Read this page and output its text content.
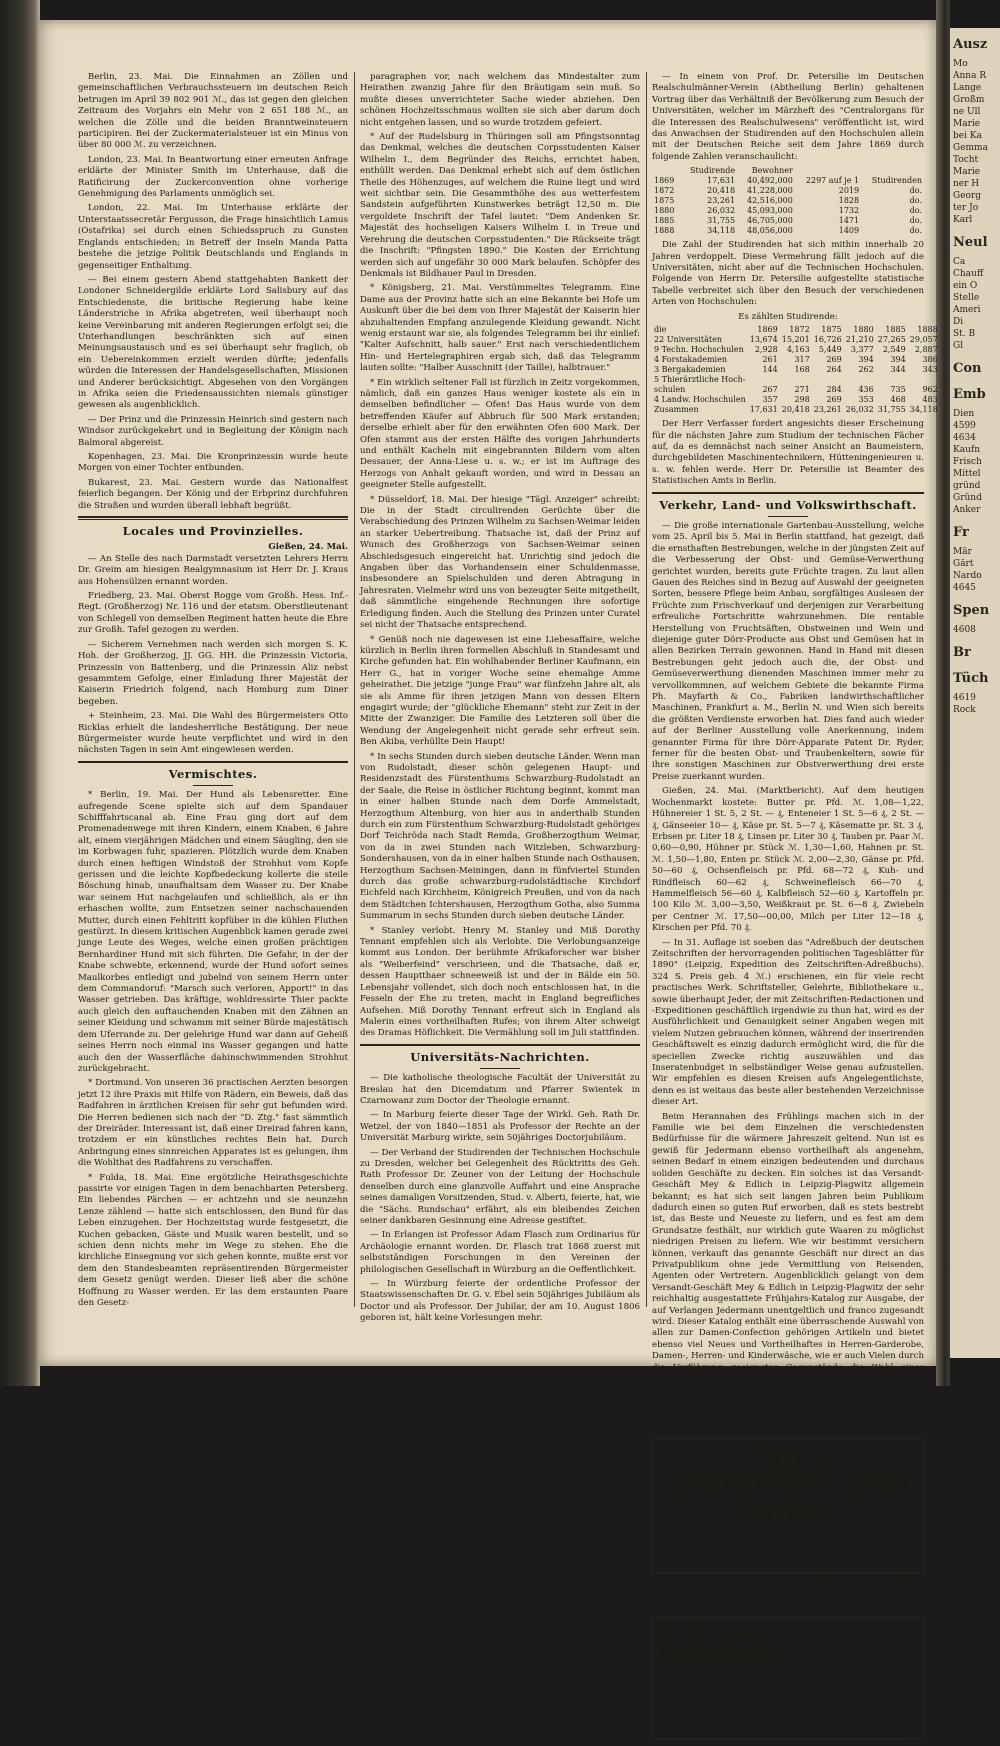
Ausz
Mo
Anna R
Lange
Großm
ne Ull
Marie
bei Ka
Gemma
Tocht
Marie
ner H
Georg
ter Jo
Karl
Neul
Ca
Chauff
ein O
Stelle
Ameri
Di
St. B
Gl
Con
Emb
Dien
4599
4634
Kaufn
Frisch
Mittel
gründ
Gründ
Anker
Fr
Mär
Gärt
Nardo
4645
Spen
4608
Br
Tüch
4619
Rock

Berlin, 23. Mai. Die Einnahmen an Zöllen und gemeinschaftlichen Verbrauchssteuern im deutschen Reich betrugen im April 39 802 901 ℳ., das ist gegen den gleichen Zeitraum des Vorjahrs ein Mehr von 2 651 188 ℳ., an welchen die Zölle und die beiden Branntweinsteuern participiren. Bei der Zuckermaterialsteuer ist ein Minus von über 80 000 ℳ. zu verzeichnen.

London, 23. Mai. In Beantwortung einer erneuten Anfrage erklärte der Minister Smith im Unterhause, daß die Ratificirung der Zuckerconvention ohne vorherige Genehmigung des Parlaments unmöglich sei.

London, 22. Mai. Im Unterhause erklärte der Unterstaatssecretär Fergusson, die Frage hinsichtlich Lamus (Ostafrika) sei durch einen Schiedsspruch zu Gunsten Englands entschieden; in Betreff der Inseln Manda Patta bestehe die jetzige Politik Deutschlands und Englands in gegenseitiger Enthaltung.

— Bei einem gestern Abend stattgehabten Bankett der Londoner Schneidergilde erklärte Lord Salisbury auf das Entschiedenste, die britische Regierung habe keine Länderstriche in Afrika abgetreten, weil überhaupt noch keine Vereinbarung mit anderen Regierungen erfolgt sei; die Unterhandlungen beschränkten sich auf einen Meinungsaustausch und es sei überhaupt sehr fraglich, ob ein Uebereinkommen erzielt werden dürfte; jedenfalls würden die Interessen der Handelsgesellschaften, Missionen und Anderer berücksichtigt. Abgesehen von den Vorgängen in Afrika seien die Friedensaussichten niemals günstiger gewesen als augenblicklich.

— Der Prinz und die Prinzessin Heinrich sind gestern nach Windsor zurückgekehrt und in Begleitung der Königin nach Balmoral abgereist.

Kopenhagen, 23. Mai. Die Kronprinzessin wurde heute Morgen von einer Tochter entbunden.

Bukarest, 23. Mai. Gestern wurde das Nationalfest feierlich begangen. Der König und der Erbprinz durchfuhren die Straßen und wurden überall lebhaft begrüßt.

Locales und Provinzielles.
Gießen, 24. Mai.

— An Stelle des nach Darmstadt versetzten Lehrers Herrn Dr. Greim am hiesigen Realgymnasium ist Herr Dr. J. Kraus aus Hohensülzen ernannt worden.

Friedberg, 23. Mai. Oberst Rogge vom Großh. Hess. Inf.-Regt. (Großherzog) Nr. 116 und der etatsm. Oberstlieutenant von Schlegell von demselben Regiment hatten heute die Ehre zur Großh. Tafel gezogen zu werden.

— Sicherem Vernehmen nach werden sich morgen S. K. Hoh. der Großherzog, JJ. GG. HH. die Prinzessin Victoria, Prinzessin von Battenberg, und die Prinzessin Aliz nebst gesammtem Gefolge, einer Einladung Ihrer Majestät der Kaiserin Friedrich folgend, nach Homburg zum Diner begeben.

+ Steinheim, 23. Mai. Die Wahl des Bürgermeisters Otto Ricklas erhielt die landesherrliche Bestätigung. Der neue Bürgermeister wurde heute verpflichtet und wird in den nächsten Tagen in sein Amt eingewiesen werden.

Vermischtes.

* Berlin, 19. Mai. Der Hund als Lebensretter. Eine aufregende Scene spielte sich auf dem Spandauer Schifffahrtscanal ab. Eine Frau ging dort auf dem Promenadenwege mit ihren Kindern, einem Knaben, 6 Jahre alt, einem vierjährigen Mädchen und einem Säugling, den sie im Korbwagen fuhr, spazieren. Plötzlich wurde dem Knaben durch einen heftigen Windstoß der Strohhut vom Kopfe gerissen und die leichte Kopfbedeckung kollerte die steile Böschung hinab, unaufhaltsam dem Wasser zu. Der Knabe war seinem Hut nachgelaufen und schließlich, als er ihn erhaschen wollte, zum Entsetzen seiner nachschauenden Mutter, durch einen Fehltritt kopfüber in die kühlen Fluthen gestürzt. In diesem kritischen Augenblick kamen gerade zwei junge Leute des Weges, welche einen großen prächtigen Bernhardiner Hund mit sich führten. Die Gefahr, in der der Knabe schwebte, erkennend, wurde der Hund sofort seines Maulkorbes entledigt und jubelnd von seinem Herrn unter dem Commandoruf: "Marsch such verloren, Apport!" in das Wasser getrieben. Das kräftige, wohldressirte Thier packte auch gleich den auftauchenden Knaben mit den Zähnen an seiner Kleidung und schwamm mit seiner Bürde majestätisch dem Uferrande zu. Der gelehrige Hund war dann auf Geheiß seines Herrn noch einmal ins Wasser gegangen und hatte auch den der Wasserfläche dahinschwimmenden Strohhut zurückgebracht.

* Dortmund. Von unseren 36 practischen Aerzten besorgen jetzt 12 ihre Praxis mit Hilfe von Rädern, ein Beweis, daß das Radfahren in ärztlichen Kreisen für sehr gut befunden wird. Die Herren bedienen sich nach der "D. Ztg." fast sämmtlich der Dreiräder. Interessant ist, daß einer Dreirad fahren kann, trotzdem er ein künstliches rechtes Bein hat. Durch Anbringung eines sinnreichen Apparates ist es gelungen, ihm die Wohlthat des Radfahrens zu verschaffen.

* Fulda, 18. Mai. Eine ergötzliche Heirathsgeschichte passirte vor einigen Tagen in dem benachbarten Petersberg. Ein liebendes Pärchen — er achtzehn und sie neunzehn Lenze zählend — hatte sich entschlossen, den Bund für das Leben einzugehen. Der Hochzeitstag wurde festgesetzt, die Kuchen gebacken, Gäste und Musik waren bestellt, und so schien denn nichts mehr im Wege zu stehen. Ehe die kirchliche Einsegnung vor sich gehen konnte, mußte erst vor dem den Standesbeamten repräsentirenden Bürgermeister dem Gesetz genügt werden. Dieser ließ aber die schöne Hoffnung zu Wasser werden. Er las dem erstaunten Paare den Gesetz-

paragraphen vor, nach welchem das Mindestalter zum Heirathen zwanzig Jahre für den Bräutigam sein muß. So mußte dieses unverrichteter Sache wieder abziehen. Den schönen Hochzeitsschmaus wollten sie sich aber darum doch nicht entgehen lassen, und so wurde trotzdem gefeiert.

* Auf der Rudelsburg in Thüringen soll am Pfingstsonntag das Denkmal, welches die deutschen Corpsstudenten Kaiser Wilhelm I., dem Begründer des Reichs, errichtet haben, enthüllt werden. Das Denkmal erhebt sich auf dem östlichen Theile des Höhenzuges, auf welchem die Ruine liegt und wird weit sichtbar sein. Die Gesammthöhe des aus wetterfestem Sandstein aufgeführten Kunstwerkes beträgt 12,50 m. Die vergoldete Inschrift der Tafel lautet: "Dem Andenken Sr. Majestät des hochseligen Kaisers Wilhelm I. in Treue und Verehrung die deutschen Corpsstudenten." Die Rückseite trägt die Inschrift: "Pfingsten 1890." Die Kosten der Errichtung werden sich auf ungefähr 30 000 Mark belaufen. Schöpfer des Denkmals ist Bildhauer Paul in Dresden.

* Königsberg, 21. Mai. Verstümmeltes Telegramm. Eine Dame aus der Provinz hatte sich an eine Bekannte bei Hofe um Auskunft über die bei dem von Ihrer Majestät der Kaiserin hier abzuhaltenden Empfang anzulegende Kleidung gewandt. Nicht wenig erstaunt war sie, als folgendes Telegramm bei ihr einlief: "Kalter Aufschnitt, halb sauer." Erst nach verschiedentlichem Hin- und Hertelegraphiren ergab sich, daß das Telegramm lauten sollte: "Halber Ausschnitt (der Taille), halbtrauer."

* Ein wirklich seltener Fall ist fürzlich in Zeitz vorgekommen, nämlich, daß ein ganzes Haus weniger kostete als ein in demselben befindlicher — Ofen! Das Haus wurde von dem betreffenden Käufer auf Abbruch für 500 Mark erstanden; derselbe erhielt aber für den erwähnten Ofen 600 Mark. Der Ofen stammt aus der ersten Hälfte des vorigen Jahrhunderts und enthält Kacheln mit eingebrannten Bildern vom alten Dessauer, der Anna-Liese u. s. w.; er ist im Auftrage des Herzogs von Anhalt gekauft worden, und wird in Dessau an geeigneter Stelle aufgestellt.

* Düsseldorf, 18. Mai. Der hiesige "Tägl. Anzeiger" schreibt: Die in der Stadt circulirenden Gerüchte über die Verabschiedung des Prinzen Wilhelm zu Sachsen-Weimar leiden an starker Uebertreibung. Thatsache ist, daß der Prinz auf Wunsch des Großherzogs von Sachsen-Weimar seinen Abschiedsgesuch eingereicht hat. Unrichtig sind jedoch die Angaben über das Vorhandensein einer Schuldenmasse, insbesondere an Spielschulden und deren Abtragung in Jahresraten. Vielmehr wird uns von bezeugter Seite mitgetheilt, daß sämmtliche eingehende Rechnungen ihre sofortige Erledigung finden. Auch die Stellung des Prinzen unter Curatel sei nicht der Thatsache entsprechend.

* Genüß noch nie dagewesen ist eine Liebesaffaire, welche kürzlich in Berlin ihren formellen Abschluß in Standesamt und Kirche gefunden hat. Ein wohlhabender Berliner Kaufmann, ein Herr G., hat in voriger Woche seine ehemalige Amme geheirathet. Die jetzige "junge Frau" war fünfzehn Jahre alt, als sie als Amme für ihren jetzigen Mann von dessen Eltern engagirt wurde; der "glückliche Ehemann" steht zur Zeit in der Mitte der Zwanziger. Die Familie des Letzteren soll über die Wendung der Angelegenheit nicht gerade sehr erfreut sein. Ben Akiba, verhüllte Dein Haupt!

* In sechs Stunden durch sieben deutsche Länder. Wenn man von Rudolstadt, dieser schön gelegenen Haupt- und Residenzstadt des Fürstenthums Schwarzburg-Rudolstadt an der Saale, die Reise in östlicher Richtung beginnt, kommt man in einer halben Stunde nach dem Dorfe Ammelstadt, Herzogthum Altenburg, von hier aus in anderthalb Stunden durch ein zum Fürstenthum Schwarzburg-Rudolstadt gehöriges Dorf Teichröda nach Stadt Remda, Großherzogthum Weimar, von da in zwei Stunden nach Witzleben, Schwarzburg-Sondershausen, von da in einer halben Stunde nach Osthausen, Herzogthum Sachsen-Meiningen, dann in fünfviertel Stunden durch das große schwarzburg-rudolstädtische Kirchdorf Eichfeld nach Kirchheim, Königreich Preußen, und von da nach dem Städtchen Ichtershausen, Herzogthum Gotha, also Summa Summarum in sechs Stunden durch sieben deutsche Länder.

* Stanley verlobt. Henry M. Stanley und Miß Dorothy Tennant empfehlen sich als Verlobte. Die Verlobungsanzeige kommt aus London. Der berühmte Afrikaforscher war bisher als "Weiberfeind" verschrieen, und die Thatsache, daß er, dessen Hauptthaer schneeweiß ist und der in Bälde ein 50. Lebensjahr vollendet, sich doch noch entschlossen hat, in die Fesseln der Ehe zu treten, macht in England begreifliches Aufsehen. Miß Dorothy Tennant erfreut sich in England als Malerin eines vortheilhaften Rufes; von ihrem Alter schweigt des Dramas Höflichkeit. Die Vermählung soll im Juli stattfinden.

Universitäts-Nachrichten.

— Die katholische theologische Facultät der Universität zu Breslau hat den Dicemdatum und Pfarrer Swientek in Czarnowanz zum Doctor der Theologie ernannt.

— In Marburg feierte dieser Tage der Wirkl. Geh. Rath Dr. Wetzel, der von 1840—1851 als Professor der Rechte an der Universität Marburg wirkte, sein 50jähriges Doctorjubiläum.

— Der Verband der Studirenden der Technischen Hochschule zu Dresden, welcher bei Gelegenheit des Rücktritts des Geh. Rath Professor Dr. Zeuner von der Leitung der Hochschule denselben durch eine glanzvolle Auffahrt und eine Ansprache seines damaligen Vorsitzenden, Stud. v. Alberti, feierte, hat, wie die "Sächs. Rundschau" erfährt, als ein bleibendes Zeichen seiner dankbaren Gesinnung eine Adresse gestiftet.

— In Erlangen ist Professor Adam Flasch zum Ordinarius für Archäologie ernannt worden. Dr. Flasch trat 1868 zuerst mit selbstständigen Forschungen in den Vereinen der philologischen Gesellschaft in Würzburg an die Oeffentlichkeit.

— In Würzburg feierte der ordentliche Professor der Staatswissenschaften Dr. G. v. Ebel sein 50jähriges Jubiläum als Doctor und als Professor. Der Jubilar, der am 10. August 1806 geboren ist, hält keine Vorlesungen mehr.

— In einem von Prof. Dr. Petersilie im Deutschen Realschulmänner-Verein (Abtheilung Berlin) gehaltenen Vortrag über das Verhältniß der Bevölkerung zum Besuch der Universitäten, welcher im Märzheft des "Centralorgans für die Interessen des Realschulwesens" veröffentlicht ist, wird das Anwachsen der Studirenden auf den Hochschulen allein mit der Deutschen Reiche seit dem Jahre 1869 durch folgende Zahlen veranschaulicht:

	Studirende	Bewohner		
1869	17,631	40,492,000	2297 auf je 1	Studirenden
1872	20,418	41,228,000	2019	do.
1875	23,261	42,516,000	1828	do.
1880	26,032	45,093,000	1732	do.
1885	31,755	46,705,000	1471	do.
1888	34,118	48,056,000	1409	do.

Die Zahl der Studirenden hat sich mithin innerhalb 20 Jahren verdoppelt. Diese Vermehrung fällt jedoch auf die Universitäten, nicht aber auf die Technischen Hochschulen. Folgende von Herrn Dr. Petersilie aufgestellte statistische Tabelle verbreitet sich über den Besuch der verschiedenen Arten von Hochschulen:

Es zählten Studirende:
die	1869	1872	1875	1880	1885	1888
22 Universitäten	13,674	15,201	16,726	21,210	27,265	29,057
9 Techn. Hochschulen	2,928	4,163	5,449	3,377	2,549	2,887
4 Forstakademien	261	317	269	394	394	386
3 Bergakademien	144	168	264	262	344	343
5 Thierärztliche Hoch-						
schulen	267	271	284	436	735	962
4 Landw. Hochschulen	357	298	269	353	468	483
Zusammen	17,631	20,418	23,261	26,032	31,755	34,118

Der Herr Verfasser fordert angesichts dieser Erscheinung für die nächsten Jahre zum Studium der technischen Fächer auf, da es demnächst nach seiner Ansicht an Baumeistern, durchgebildeten Maschinentechnikern, Hütteningenieuren u. s. w. fehlen werde. Herr Dr. Petersilie ist Beamter des Statistischen Amts in Berlin.

Verkehr, Land- und Volkswirthschaft.

— Die große internationale Gartenbau-Ausstellung, welche vom 25. April bis 5. Mai in Berlin stattfand, hat gezeigt, daß die ernsthaften Bestrebungen, welche in der jüngsten Zeit auf die Verbesserung der Obst- und Gemüse-Verwerthung gerichtet wurden, bereits gute Früchte tragen. Zu laut allen Gauen des Reiches sind in Bezug auf Auswahl der geeigneten Sorten, bessere Pflege beim Anbau, sorgfältiges Auslesen der Früchte zum Frischverkauf und derjenigen zur Verarbeitung erfreuliche Fortschritte wahrzunehmen. Die rentable Herstellung von Fruchtsäften, Obstweinen und Wein und diejenige guter Dörr-Producte aus Obst und Gemüsen hat in allen Bezirken Terrain gewonnen. Hand in Hand mit diesen Bestrebungen geht jedoch auch die, der Obst- und Gemüseverwerthung dienenden Maschinen immer mehr zu vervollkommnen, auf welchem Gebiete die bekannte Firma Ph. Mayfarth & Co., Fabriken landwirthschaftlicher Maschinen, Frankfurt a. M., Berlin N. und Wien sich bereits die größten Verdienste erworben hat. Dies fand auch wieder auf der Berliner Ausstellung volle Anerkennung, indem genannter Firma für ihre Dörr-Apparate Patent Dr. Ryder, ferner für die besten Obst- und Traubenkeltern, sowie für ihre sonstigen Maschinen zur Obstverwerthung drei erste Preise zuerkannt wurden.

Gießen, 24. Mai. (Marktbericht). Auf dem heutigen Wochenmarkt kostete: Butter pr. Pfd. ℳ. 1,08—1,22, Hühnereier 1 St. 5, 2 St. — ₰, Enteneier 1 St. 5—6 ₰, 2 St. — ₰, Gänseeier 10— ₰, Käse pr. St. 5—7 ₰, Käsematte pr. St. 3 ₰, Erbsen pr. Liter 18 ₰, Linsen pr. Liter 30 ₰, Tauben pr. Paar ℳ. 0,60—0,90, Hühner pr. Stück ℳ. 1,30—1,60, Hahnen pr. St. ℳ. 1,50—1,80, Enten pr. Stück ℳ. 2,00—2,30, Gänse pr. Pfd. 50—60 ₰, Ochsenfleisch pr. Pfd. 68—72 ₰, Kuh- und Rindfleisch 60—62 ₰, Schweinefleisch 66—70 ₰, Hammelfleisch 56—60 ₰, Kalbfleisch 52—60 ₰, Kartoffeln pr. 100 Kilo ℳ. 3,00—3,50, Weißkraut pr. St. 6—8 ₰, Zwiebeln per Centner ℳ. 17,50—00,00, Milch per Liter 12—18 ₰, Kirschen per Pfd. 70 ₰.

— In 31. Auflage ist soeben das "Adreßbuch der deutschen Zeitschriften der hervorragenden politischen Tagesblätter für 1890" (Leipzig, Expedition des Zeitschriften-Adreßbuchs). 324 S. Preis geb. 4 ℳ.) erschienen, ein für viele recht practisches Werk. Schriftsteller, Gelehrte, Bibliothekare u., sowie überhaupt Jeder, der mit Zeitschriften-Redactionen und -Expeditionen geschäftlich irgendwie zu thun hat, wird es der Ausführlichkeit und Genauigkeit seiner Angaben wegen mit vielem Nutzen gebrauchen können, während der inserirenden Geschäftswelt es einzig dadurch ermöglicht wird, die für die speciellen Zwecke richtig auszuwählen und das Inseratenbudget in selbständiger Weise genau aufzustellen. Wir empfehlen es diesen Kreisen aufs Angelegentlichste, denn es ist weitaus das beste aller bestehenden Verzeichnisse dieser Art.

Beim Herannahen des Frühlings machen sich in der Familie wie bei dem Einzelnen die verschiedensten Bedürfnisse für die wärmere Jahreszeit geltend. Nun ist es gewiß für Jedermann ebenso vortheilhaft als angenehm, seinen Bedarf in einem einzigen bedeutenden und durchaus soliden Geschäfte zu decken. Ein solches ist das Versandt-Geschäft Mey & Edlich in Leipzig-Plagwitz allgemein bekannt; es hat sich seit langen Jahren beim Publikum dadurch einen so guten Ruf erworben, daß es stets bestrebt ist, das Beste und Neueste zu liefern, und es fest am dem Grundsatze festhält, nur wirklich gute Waaren zu möglichst niedrigen Preisen zu liefern. Wie wir bestimmt versichern können, verkauft das genannte Geschäft nur direct an das Privatpublikum ohne jede Vermittlung von Reisenden, Agenten oder Vertretern. Augenblicklich gelangt von dem Versandt-Geschäft Mey & Edlich in Leipzig-Plagwitz der sehr reichhaltig ausgestattete Frühjahrs-Katalog zur Ausgabe, der auf Verlangen Jedermann unentgeltlich und franco zugesandt wird. Dieser Katalog enthält eine überraschende Auswahl von allen zur Damen-Confection gehörigen Artikeln und bietet ebenso viel Neues und Vortheilhaftes in Herren-Garderobe, Damen-, Herren- und Kinderwäsche, wie er auch Vielen durch die Vorführung geeigneter Gegenstände die Wahl eines passenden Festgeschenkes erleichtern dürfte. Wir können daher Allen, welche an den Einkauf von den anderen Artikel Bedarf haben, nur empfehlen, sich diesen Frühjahrs-Katalog kommen zu lassen.

1525
Zuntz gebrannter Java Kaffee.
empfiehlt sich durch Reinheit, Aroma und Ergiebigkeit als die beste und preiswertheste Marke.
A. Zuntz sel. Ww.
Kais. u. Königl. Hoff. Bonn. Berlin.
Zu haben bei J. M. Schulhof.	853
Jeder Versuch bringt dauernde Abnehmer des Holländ. Tabaks, 10 Pfd. fco. 8 Mk. nur bei B. Becker in Seesen a. Harz.	[154
Rademanns Kindermehl, prämiirt mit der goldenen Medaille, unerreicht i. Nährwerth und Leichtverdaulichkeit, ist nach Vorschrift der Aerzte unentbehrlich für Kinder aller Mütter, die mit den Muttermilch thatsächlich die beste und zuträglichste Nahrung für Säuglinge. Zu haben à ℳ. 1.20 pro Büchse in allen Apotheken, Drogen- und Colonialwaarenhandlungen.
[7
